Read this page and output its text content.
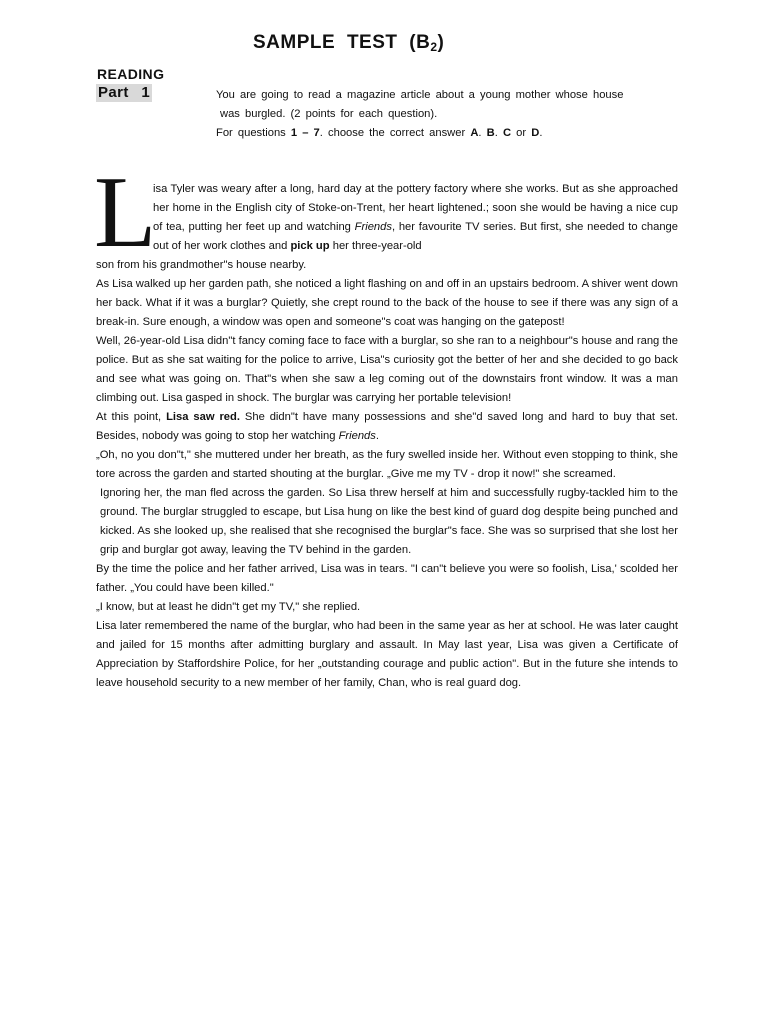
SAMPLE TEST $(B_2)$
READING
Part 1	You are going to read a magazine article about a young mother whose house

was burgled. (2 points for each question).

For questions 1 – 7. choose the correct answer A. B. C or D.

L

isa Tyler was weary after a long, hard day at the pottery factory where she works. But as she approached her home in the English city of Stoke-on-Trent, her heart lightened.; soon she would be having a nice cup of tea, putting her feet up and watching Friends, her favourite TV series. But first, she needed to change out of her work clothes and pick up her three-year-old

son from his grandmother"s house nearby.

As Lisa walked up her garden path, she noticed a light flashing on and off in an upstairs bedroom. A shiver went down her back. What if it was a burglar? Quietly, she crept round to the back of the house to see if there was any sign of a break-in. Sure enough, a window was open and someone"s coat was hanging on the gatepost!

Well, 26-year-old Lisa didn"t fancy coming face to face with a burglar, so she ran to a neighbour"s house and rang the police. But as she sat waiting for the police to arrive, Lisa"s curiosity got the better of her and she decided to go back and see what was going on. That"s when she saw a leg coming out of the downstairs front window. It was a man climbing out. Lisa gasped in shock. The burglar was carrying her portable television!

At this point, Lisa saw red. She didn"t have many possessions and she"d saved long and hard to buy that set. Besides, nobody was going to stop her watching Friends.

„Oh, no you don"t," she muttered under her breath, as the fury swelled inside her. Without even stopping to think, she tore across the garden and started shouting at the burglar. „Give me my TV - drop it now!" she screamed.

Ignoring her, the man fled across the garden. So Lisa threw herself at him and successfully rugby-tackled him to the ground. The burglar struggled to escape, but Lisa hung on like the best kind of guard dog despite being punched and kicked. As she looked up, she realised that she recognised the burglar"s face. She was so surprised that she lost her grip and burglar got away, leaving the TV behind in the garden.

By the time the police and her father arrived, Lisa was in tears. "I can"t believe you were so foolish, Lisa,' scolded her father. „You could have been killed."

„I know, but at least he didn"t get my TV," she replied.

Lisa later remembered the name of the burglar, who had been in the same year as her at school. He was later caught and jailed for 15 months after admitting burglary and assault. In May last year, Lisa was given a Certificate of Appreciation by Staffordshire Police, for her „outstanding courage and public action". But in the future she intends to leave household security to a new member of her family, Chan, who is real guard dog.
